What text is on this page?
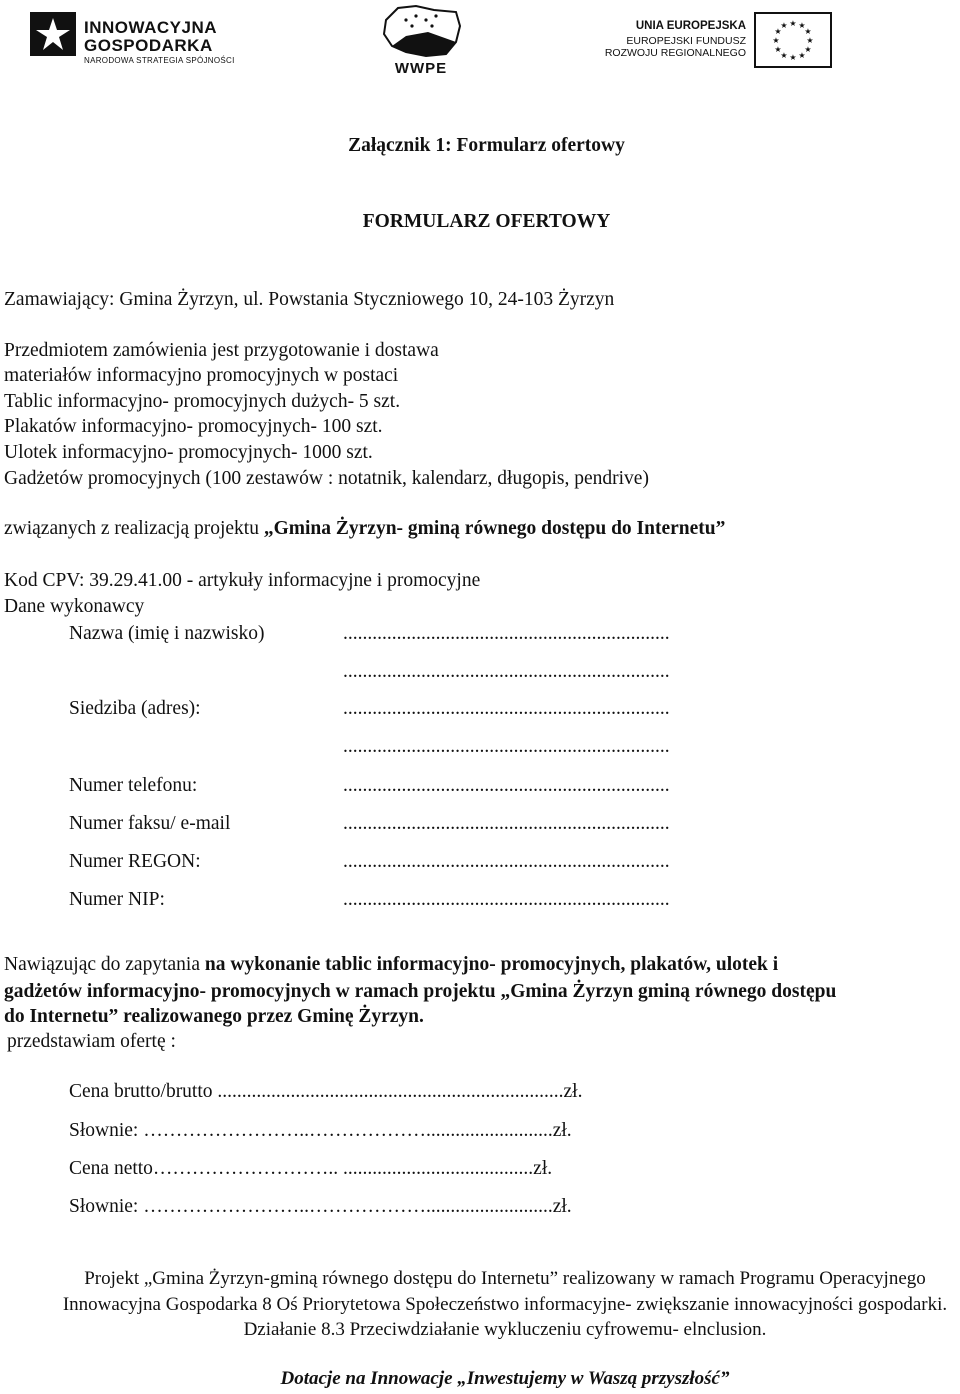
INNOWACYJNA
GOSPODARKA
NARODOWA STRATEGIA SPÓJNOŚCI	WWPE
UNIA EUROPEJSKA
EUROPEJSKI FUNDUSZ
ROZWOJU REGIONALNEGO
★ ★
★
★
★
★
★
★
★
★
★
★
Załącznik 1: Formularz ofertowy
FORMULARZ OFERTOWY
Zamawiający: Gmina Żyrzyn, ul. Powstania Styczniowego 10, 24-103 Żyrzyn
Przedmiotem zamówienia jest przygotowanie i dostawa
materiałów informacyjno promocyjnych w postaci
Tablic informacyjno- promocyjnych dużych- 5 szt.
Plakatów informacyjno- promocyjnych- 100 szt.
Ulotek informacyjno- promocyjnych- 1000 szt.
Gadżetów promocyjnych (100 zestawów : notatnik, kalendarz, długopis, pendrive)
związanych z realizacją projektu „Gmina Żyrzyn- gminą równego dostępu do Internetu”
Kod CPV: 39.29.41.00 - artykuły informacyjne i promocyjne
Dane wykonawcy
Nazwa (imię i nazwisko)	...................................................................
...................................................................
Siedziba (adres):	...................................................................
...................................................................
Numer telefonu:	...................................................................
Numer faksu/ e-mail	...................................................................
Numer REGON:	...................................................................
Numer NIP:	...................................................................
Nawiązując do zapytania na wykonanie tablic informacyjno- promocyjnych, plakatów, ulotek i
gadżetów informacyjno- promocyjnych w ramach projektu „Gmina Żyrzyn gminą równego dostępu
do Internetu” realizowanego przez Gminę Żyrzyn.
przedstawiam ofertę :
Cena brutto/brutto .......................................................................zł.
Słownie: ……………………..………………..........................zł.
Cena netto……………………….. .......................................zł.
Słownie: ……………………..………………..........................zł.
Projekt „Gmina Żyrzyn-gminą równego dostępu do Internetu” realizowany w ramach Programu Operacyjnego Innowacyjna Gospodarka 8 Oś Priorytetowa Społeczeństwo informacyjne- zwiększanie innowacyjności gospodarki. Działanie 8.3 Przeciwdziałanie wykluczeniu cyfrowemu- elnclusion.
Dotacje na Innowacje „Inwestujemy w Waszą przyszłość”
